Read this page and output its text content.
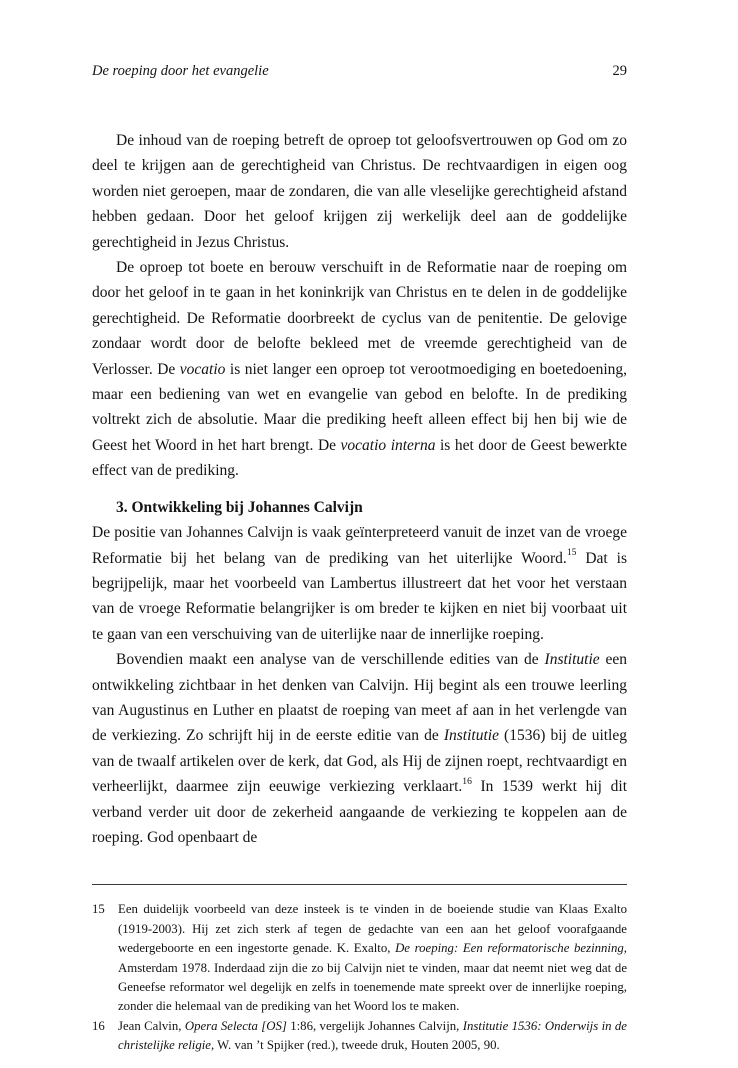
De roeping door het evangelie	29

De inhoud van de roeping betreft de oproep tot geloofsvertrouwen op God om zo deel te krijgen aan de gerechtigheid van Christus. De rechtvaardigen in eigen oog worden niet geroepen, maar de zondaren, die van alle vleselijke gerechtigheid afstand hebben gedaan. Door het geloof krijgen zij werkelijk deel aan de goddelijke gerechtigheid in Jezus Christus.

De oproep tot boete en berouw verschuift in de Reformatie naar de roeping om door het geloof in te gaan in het koninkrijk van Christus en te delen in de goddelijke gerechtigheid. De Reformatie doorbreekt de cyclus van de penitentie. De gelovige zondaar wordt door de belofte bekleed met de vreemde gerechtigheid van de Verlosser. De vocatio is niet langer een oproep tot verootmoediging en boetedoening, maar een bediening van wet en evangelie van gebod en belofte. In de prediking voltrekt zich de absolutie. Maar die prediking heeft alleen effect bij hen bij wie de Geest het Woord in het hart brengt. De vocatio interna is het door de Geest bewerkte effect van de prediking.

3. Ontwikkeling bij Johannes Calvijn

De positie van Johannes Calvijn is vaak geïnterpreteerd vanuit de inzet van de vroege Reformatie bij het belang van de prediking van het uiterlijke Woord.$^{15}$ Dat is begrijpelijk, maar het voorbeeld van Lambertus illustreert dat het voor het verstaan van de vroege Reformatie belangrijker is om breder te kijken en niet bij voorbaat uit te gaan van een verschuiving van de uiterlijke naar de innerlijke roeping.

Bovendien maakt een analyse van de verschillende edities van de Institutie een ontwikkeling zichtbaar in het denken van Calvijn. Hij begint als een trouwe leerling van Augustinus en Luther en plaatst de roeping van meet af aan in het verlengde van de verkiezing. Zo schrijft hij in de eerste editie van de Institutie (1536) bij de uitleg van de twaalf artikelen over de kerk, dat God, als Hij de zijnen roept, rechtvaardigt en verheerlijkt, daarmee zijn eeuwige verkiezing verklaart.$^{16}$ In 1539 werkt hij dit verband verder uit door de zekerheid aangaande de verkiezing te koppelen aan de roeping. God openbaart de

15	Een duidelijk voorbeeld van deze insteek is te vinden in de boeiende studie van Klaas Exalto (1919-2003). Hij zet zich sterk af tegen de gedachte van een aan het geloof voorafgaande wedergeboorte en een ingestorte genade. K. Exalto, De roeping: Een reformatorische bezinning, Amsterdam 1978. Inderdaad zijn die zo bij Calvijn niet te vinden, maar dat neemt niet weg dat de Geneefse reformator wel degelijk en zelfs in toenemende mate spreekt over de innerlijke roeping, zonder die helemaal van de prediking van het Woord los te maken.
16	Jean Calvin, Opera Selecta [OS] 1:86, vergelijk Johannes Calvijn, Institutie 1536: Onderwijs in de christelijke religie, W. van ’t Spijker (red.), tweede druk, Houten 2005, 90.
